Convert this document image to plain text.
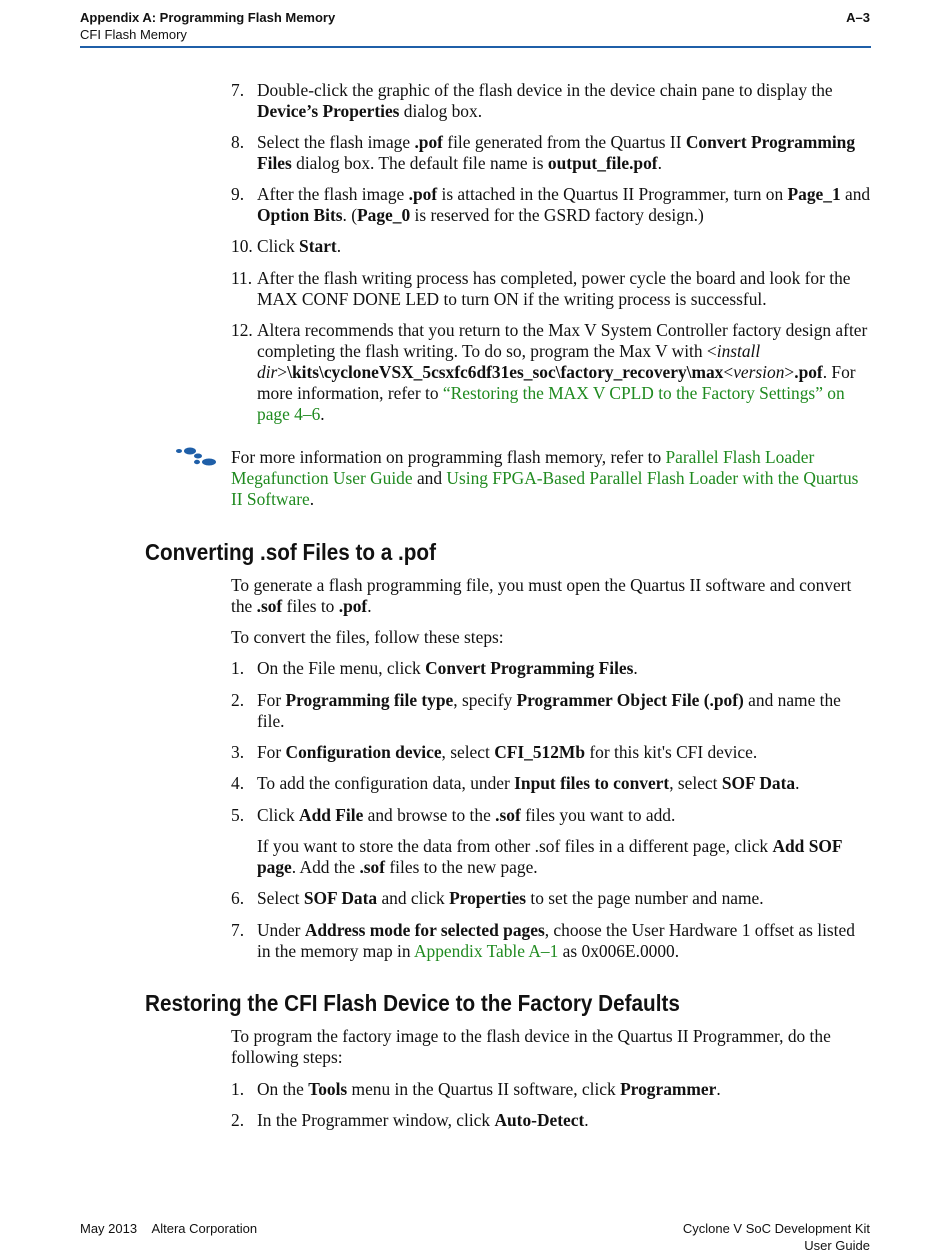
Appendix A: Programming Flash Memory
CFI Flash Memory
A–3
7. Double-click the graphic of the flash device in the device chain pane to display the Device’s Properties dialog box.
8. Select the flash image .pof file generated from the Quartus II Convert Programming Files dialog box. The default file name is output_file.pof.
9. After the flash image .pof is attached in the Quartus II Programmer, turn on Page_1 and Option Bits. (Page_0 is reserved for the GSRD factory design.)
10. Click Start.
11. After the flash writing process has completed, power cycle the board and look for the MAX CONF DONE LED to turn ON if the writing process is successful.
12. Altera recommends that you return to the Max V System Controller factory design after completing the flash writing. To do so, program the Max V with <install dir>\kits\cycloneVSX_5csxfc6df31es_soc\factory_recovery\max<version>.pof. For more information, refer to “Restoring the MAX V CPLD to the Factory Settings” on page 4–6.
For more information on programming flash memory, refer to Parallel Flash Loader Megafunction User Guide and Using FPGA-Based Parallel Flash Loader with the Quartus II Software.
Converting .sof Files to a .pof
To generate a flash programming file, you must open the Quartus II software and convert the .sof files to .pof.
To convert the files, follow these steps:
1. On the File menu, click Convert Programming Files.
2. For Programming file type, specify Programmer Object File (.pof) and name the file.
3. For Configuration device, select CFI_512Mb for this kit's CFI device.
4. To add the configuration data, under Input files to convert, select SOF Data.
5. Click Add File and browse to the .sof files you want to add.
If you want to store the data from other .sof files in a different page, click Add SOF page. Add the .sof files to the new page.
6. Select SOF Data and click Properties to set the page number and name.
7. Under Address mode for selected pages, choose the User Hardware 1 offset as listed in the memory map in Appendix Table A–1 as 0x006E.0000.
Restoring the CFI Flash Device to the Factory Defaults
To program the factory image to the flash device in the Quartus II Programmer, do the following steps:
1. On the Tools menu in the Quartus II software, click Programmer.
2. In the Programmer window, click Auto-Detect.
May 2013 Altera Corporation	Cyclone V SoC Development Kit
User Guide
